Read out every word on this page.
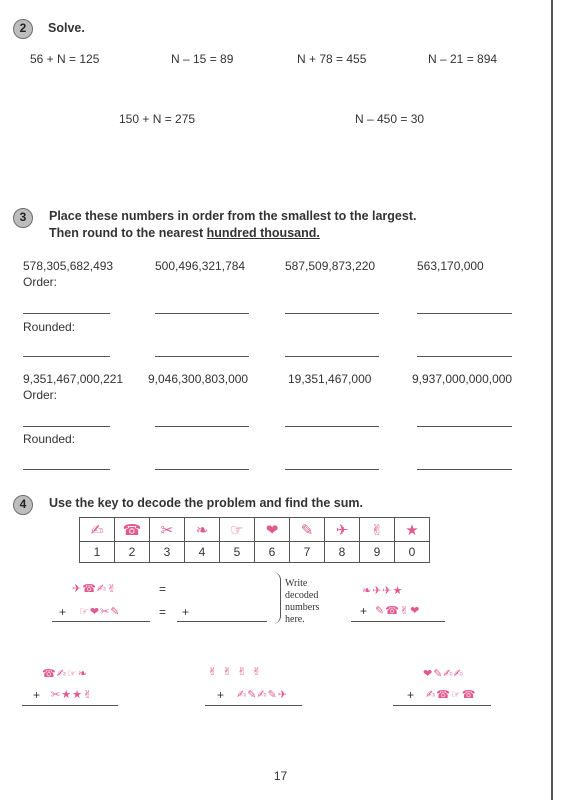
2	Solve.
56 + N = 125	N – 15 = 89	N + 78 = 455	N – 21 = 894
150 + N = 275	N – 450 = 30
3	Place these numbers in order from the smallest to the largest.
Then round to the nearest hundred thousand.
578,305,682,493	500,496,321,784	587,509,873,220	563,170,000
Order:
Rounded:
9,351,467,000,221 9,046,300,803,000	19,351,467,000	9,937,000,000,000
Order:
Rounded:
4	Use the key to decode the problem and find the sum.
✍	☎	✂	❧	☞	❤	✎	✈	✌	★
1	2	3	4	5	6	7	8	9	0
✈☎✍✌	=
+ ☞❤✂✎	= +
Write
decoded
numbers
here.
❧✈✈★
+ ✎☎✌❤
☎✍☞❧
+ ✂★★✌
✌ ✌ ✌ ✌
+ ✍✎✍✎✈
❤✎✍✍
+ ✍☎☞☎
17
